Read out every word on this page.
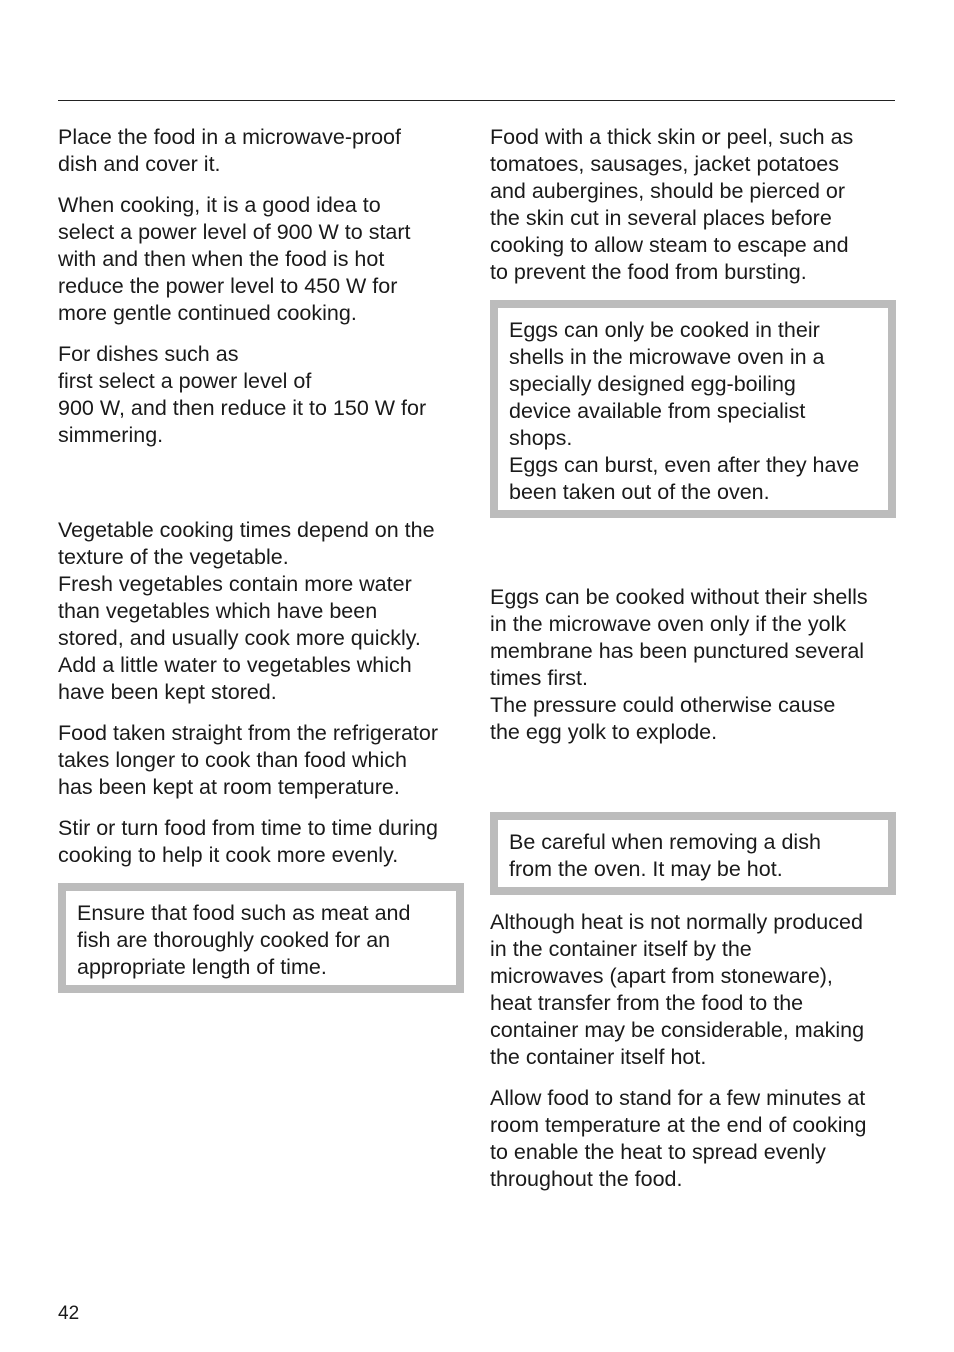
Place the food in a microwave-proof
dish and cover it.

When cooking, it is a good idea to
select a power level of 900 W to start
with and then when the food is hot
reduce the power level to 450 W for
more gentle continued cooking.

For dishes such as
first select a power level of
900 W, and then reduce it to 150 W for
simmering.

Vegetable cooking times depend on the
texture of the vegetable.
Fresh vegetables contain more water
than vegetables which have been
stored, and usually cook more quickly.
Add a little water to vegetables which
have been kept stored.

Food taken straight from the refrigerator
takes longer to cook than food which
has been kept at room temperature.

Stir or turn food from time to time during
cooking to help it cook more evenly.

Ensure that food such as meat and
fish are thoroughly cooked for an
appropriate length of time.

Food with a thick skin or peel, such as
tomatoes, sausages, jacket potatoes
and aubergines, should be pierced or
the skin cut in several places before
cooking to allow steam to escape and
to prevent the food from bursting.

Eggs can only be cooked in their
shells in the microwave oven in a
specially designed egg-boiling
device available from specialist
shops.
Eggs can burst, even after they have
been taken out of the oven.

Eggs can be cooked without their shells
in the microwave oven only if the yolk
membrane has been punctured several
times first.
The pressure could otherwise cause
the egg yolk to explode.

Be careful when removing a dish
from the oven. It may be hot.

Although heat is not normally produced
in the container itself by the
microwaves (apart from stoneware),
heat transfer from the food to the
container may be considerable, making
the container itself hot.

Allow food to stand for a few minutes at
room temperature at the end of cooking
to enable the heat to spread evenly
throughout the food.

42
